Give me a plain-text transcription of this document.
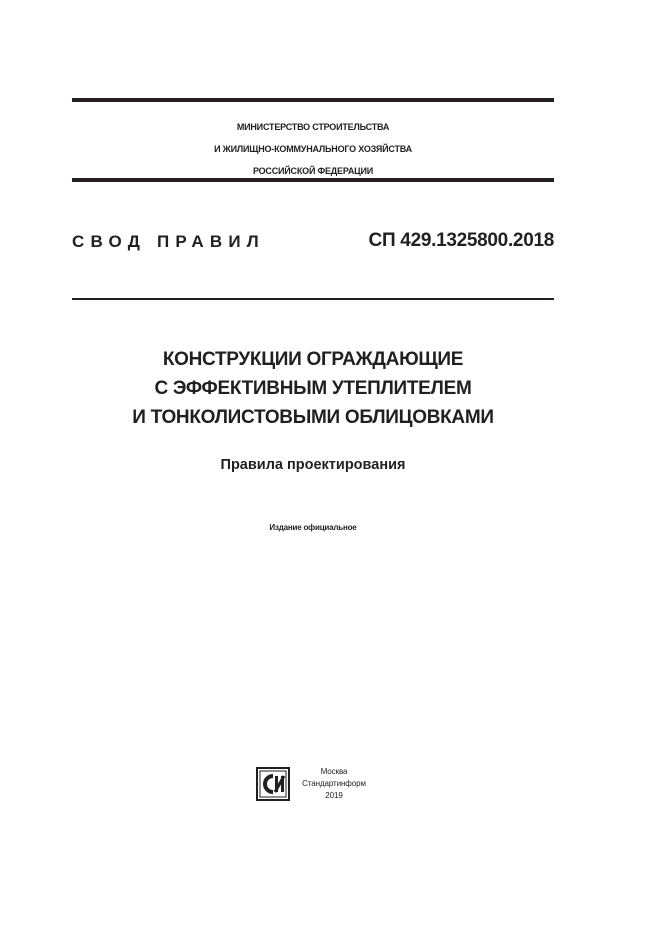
МИНИСТЕРСТВО СТРОИТЕЛЬСТВА
И ЖИЛИЩНО-КОММУНАЛЬНОГО ХОЗЯЙСТВА
РОССИЙСКОЙ ФЕДЕРАЦИИ
СВОД ПРАВИЛ	СП 429.1325800.2018
КОНСТРУКЦИИ ОГРАЖДАЮЩИЕ
С ЭФФЕКТИВНЫМ УТЕПЛИТЕЛЕМ
И ТОНКОЛИСТОВЫМИ ОБЛИЦОВКАМИ
Правила проектирования
Издание официальное
Москва
Стандартинформ
2019
